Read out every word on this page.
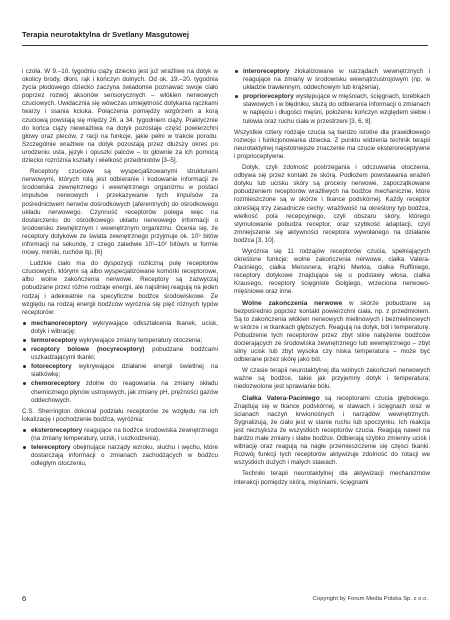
Terapia neurotaktylna dr Svetlany Masgutowej

i czoła. W 9.–10. tygodniu ciąży dziecko jest już wrażliwe na dotyk w okolicy brody, dłoni, rąk i kończyn dolnych. Od ok. 19.–20. tygodnia życia płodowego dziecko zaczyna świadomie poznawać swoje ciało poprzez rozwój aksonów sensorycznych – włókien nerwowych czuciowych. Uwidacznia się wówczas umiejętność dotykania rączkami twarzy i ssania kciuka. Połączenia pomiędzy wzgórzem a korą czuciową powstają się między 26. a 34. tygodniem ciąży. Praktycznie do końca ciąży niewrażliwa na dotyk pozostaje część powierzchni głowy oraz pleców, z racji na funkcje, jakie pełni w trakcie porodu. Szczególnie wrażliwe na dotyk pozostają przez dłuższy okres po urodzeniu usta, język i opuszki palców – to głównie za ich pomocą dziecko rozróżnia kształty i wielkość przedmiotów [3–5].

Receptory czuciowe są wyspecjalizowanymi strukturami nerwowymi, których rolą jest odbieranie i kodowanie informacji ze środowiska zewnętrznego i wewnętrznego organizmu w postaci impulsów nerwowych i przekazywanie tych impulsów za pośrednictwem nerwów dośrodkowych (aferentnych) do ośrodkowego układu nerwowego. Czynność receptorów polega więc na dostarczeniu do ośrodkowego układu nerwowego informacji o środowisku zewnętrznym i wewnętrznym organizmu. Ocenia się, że receptory dotykowe ze świata zewnętrznego przyjmuje ok. 10⁹ bitów informacji na sekundę, z czego zaledwie 10¹–10² bitów/s w formie mowy, mimiki, ruchów itp. [6]

Ludzkie ciało ma do dyspozycji rozliczną pulę receptorów czuciowych, którymi są albo wyspecjalizowane komórki receptorowe, albo wolne zakończenia nerwowe. Receptory są zazwyczaj pobudzane przez różne rodzaje energii, ale najsilniej reagują na jeden rodzaj i adekwatnie na specyficzne bodźce środowiskowe. Ze względu na rodzaj energii bodźców wyróżnia się pięć różnych typów receptorów:

mechanoreceptory wykrywające odkształcenia tkanek, ucisk, dotyk i wibrację;
termoreceptory wykrywające zmiany temperatury otoczenia;
receptory bólowe (nocyreceptory) pobudzane bodźcami uszkadzającymi tkanki;
fotoreceptory wykrywające działanie energii świetlnej na siatkówkę;
chemoreceptory zdolne do reagowania na zmiany składu chemicznego płynów ustrojowych, jak zmiany pH, prężności gazów oddechowych.

C.S. Sherrington dokonał podziału receptorów ze względu na ich lokalizację i pochodzenie bodźca, wyróżnia:

eksteroreceptory reagujące na bodźce środowiska zewnętrznego (na zmiany temperatury, ucisk, i uszkodzenia),
telereceptory obejmujące narządy wzroku, słuchu i węchu, które dostarczają informacji o zmianach zachodzących w bodźcu odległym otoczeniu,
interoreceptory zlokalizowane w narządach wewnętrznych i reagujące na zmiany w środowisku wewnątrzustrojowym (np. w układzie trawiennym, oddechowym lub krążenia),
proprioreceptory występujące w mięśniach, ścięgnach, torebkach stawowych i w błędniku, służą do odbierania informacji o zmianach w napięciu i długości mięśni, położeniu kończyn względem siebie i tułowia oraz ruchu ciała w przestrzeni [3, 6, 8].

Wszystkie cztery rodzaje czucia są bardzo istotne dla prawidłowego rozwoju i funkcjonowania dziecka. Z punktu widzenia technik terapii neurotaktylnej najistotniejsze znaczenie ma czucie eksteroreceptywne i proprioceptywne.

Dotyk, czyli zdolność postrzegania i odczuwania otoczenia, odbywa się przez kontakt ze skórą. Podłożem powstawania wrażeń dotyku lub ucisku skóry są procesy nerwowe, zapoczątkowane pobudzeniem receptorów wrażliwych na bodźce mechaniczne, które rozmieszczone są w skórze i tkance podskórnej. Każdy receptor określają trzy zasadnicze cechy: wrażliwość na określony typ bodźca, wielkość pola recepcyjnego, czyli obszaru skóry, którego stymulowanie pobudza receptor, oraz szybkość adaptacji, czyli zmniejszenie się aktywności receptora wywołanego na działanie bodźca [3, 10].

Wyróżnia się 11 rodzajów receptorów czucia, spełniających określone funkcje: wolne zakończenia nerwowe, ciałka Vatera-Paciniego, ciałka Meissnera, krążki Merkla, ciałka Ruffiniego, receptory dotykowe znajdujące się u podstawy włosa, ciałka Krausego, receptory ścięgniste Golgiego, wrzecionа nerwowo-mięśniowe oraz inne.

Wolne zakończenia nerwowe w skórze pobudzane są bezpośrednio poprzez kontakt powierzchni ciała, np. z przedmiotem. Są to zakończenia włókien nerwowych mielinowych i bezmielinowych w skórze i w tkankach głębszych. Reagują na dotyk, ból i temperaturę. Pobudzenie tych receptorów przez zbyt silne natężenie bodźców docierających ze środowiska zewnętrznego lub wewnętrznego – zbyt silny ucisk lub zbyt wysoka czy niska temperatura – może być odbierane przez skórę jako ból.

W czasie terapii neurotaktylnej dla wolnych zakończeń nerwowych ważne są bodźce, takie jak przyjemny dotyk i temperatura; niedozwolone jest sprawianie bólu.

Ciałka Vatera-Paciniego są receptorami czucia głębokiego. Znajdują się w tkance podskórnej, w stawach i ścięgnach oraz w ścianach naczyń krwionośnych i narządów wewnętrznych. Sygnalizują, że ciało jest w stanie ruchu lub spoczynku. Ich reakcja jest niezsykszа że wszystkich receptorów czucia. Reagują nawet na bardzo małe zmiany i słabe bodźce. Odbierają szybko zmienny ucisk i wibrację oraz reagują na nagłe przemieszczenie się części tkanki. Rozwój funkcji tych receptorów aktywizuje zdolność do rotacji we wszystkich dużych i małych stawach.

Techniki terapii neurotaktylnej dla aktywizacji mechanizmów interakcji pomiędzy skórą, mięśniami, ścięgnami

6	Copyright by Forum Media Polska Sp. z o.o.
